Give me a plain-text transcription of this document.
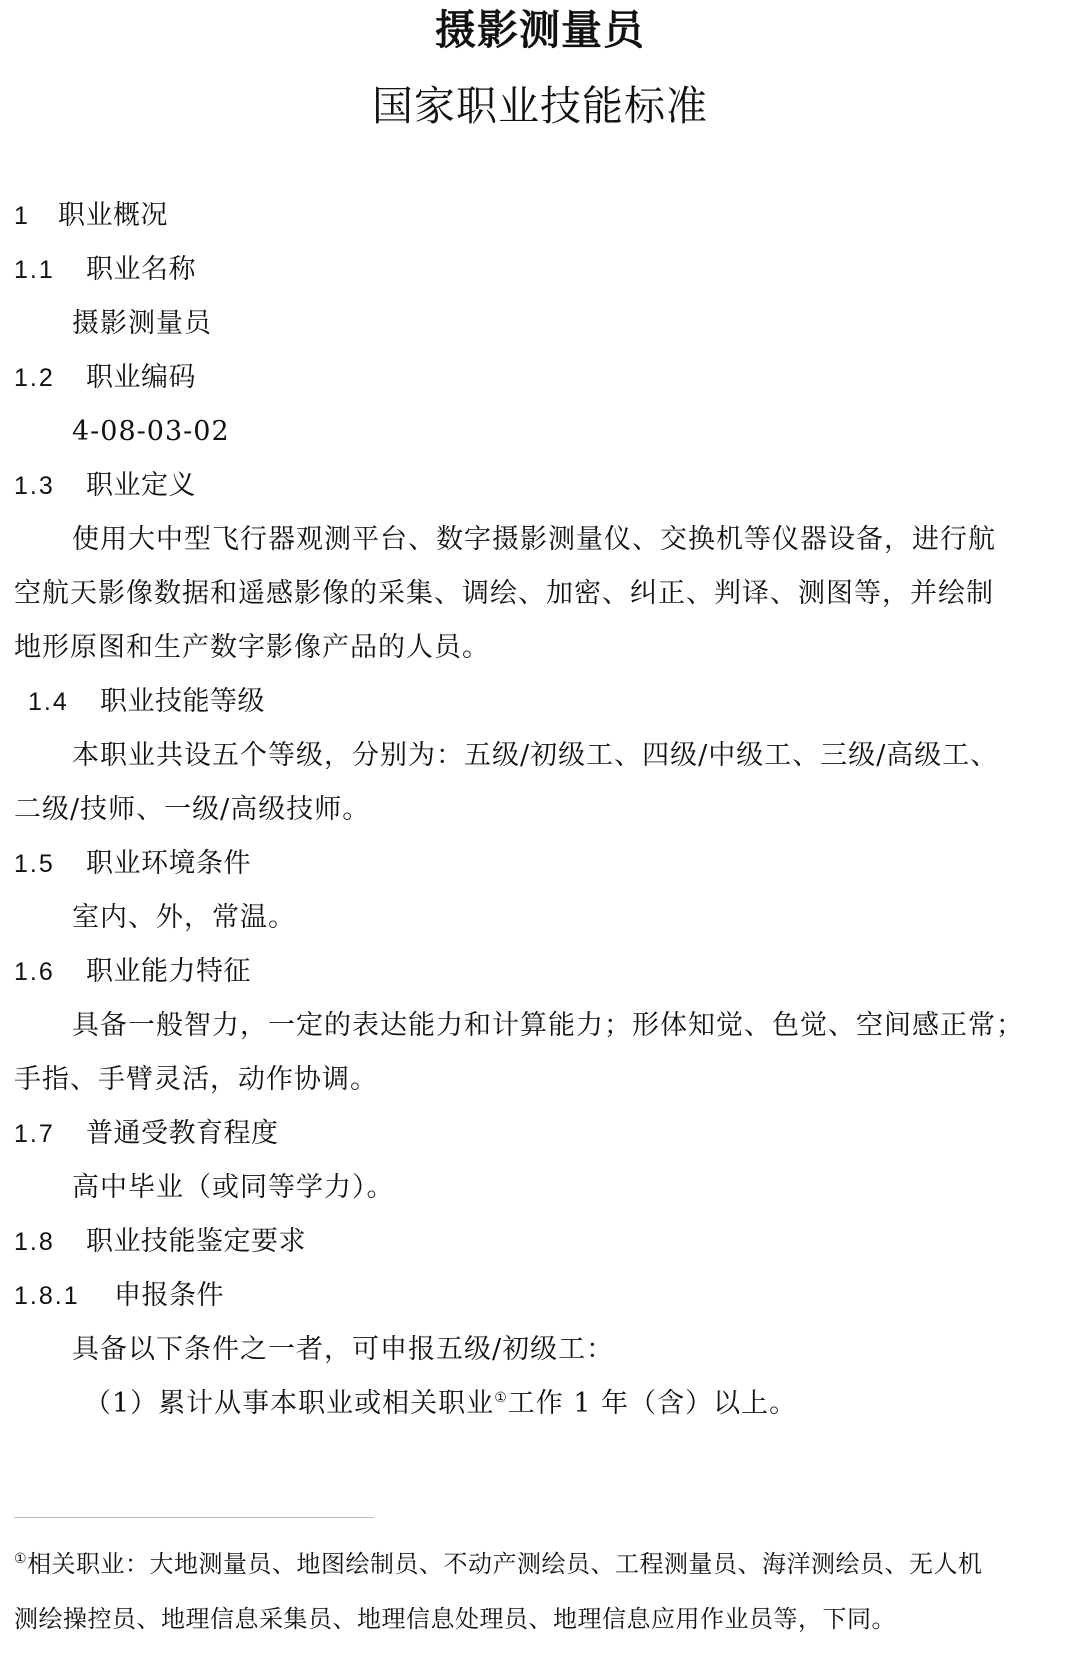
摄影测量员
国家职业技能标准
1 职业概况
1.1 职业名称
摄影测量员
1.2 职业编码
4-08-03-02
1.3 职业定义
使用大中型飞行器观测平台、数字摄影测量仪、交换机等仪器设备，进行航
空航天影像数据和遥感影像的采集、调绘、加密、纠正、判译、测图等，并绘制
地形原图和生产数字影像产品的人员。
1.4 职业技能等级
本职业共设五个等级，分别为：五级/初级工、四级/中级工、三级/高级工、
二级/技师、一级/高级技师。
1.5 职业环境条件
室内、外，常温。
1.6 职业能力特征
具备一般智力，一定的表达能力和计算能力；形体知觉、色觉、空间感正常；
手指、手臂灵活，动作协调。
1.7 普通受教育程度
高中毕业（或同等学力）。
1.8 职业技能鉴定要求
1.8.1 申报条件
具备以下条件之一者，可申报五级/初级工：
（1）累计从事本职业或相关职业①工作 1 年（含）以上。
①相关职业：大地测量员、地图绘制员、不动产测绘员、工程测量员、海洋测绘员、无人机
测绘操控员、地理信息采集员、地理信息处理员、地理信息应用作业员等，下同。
